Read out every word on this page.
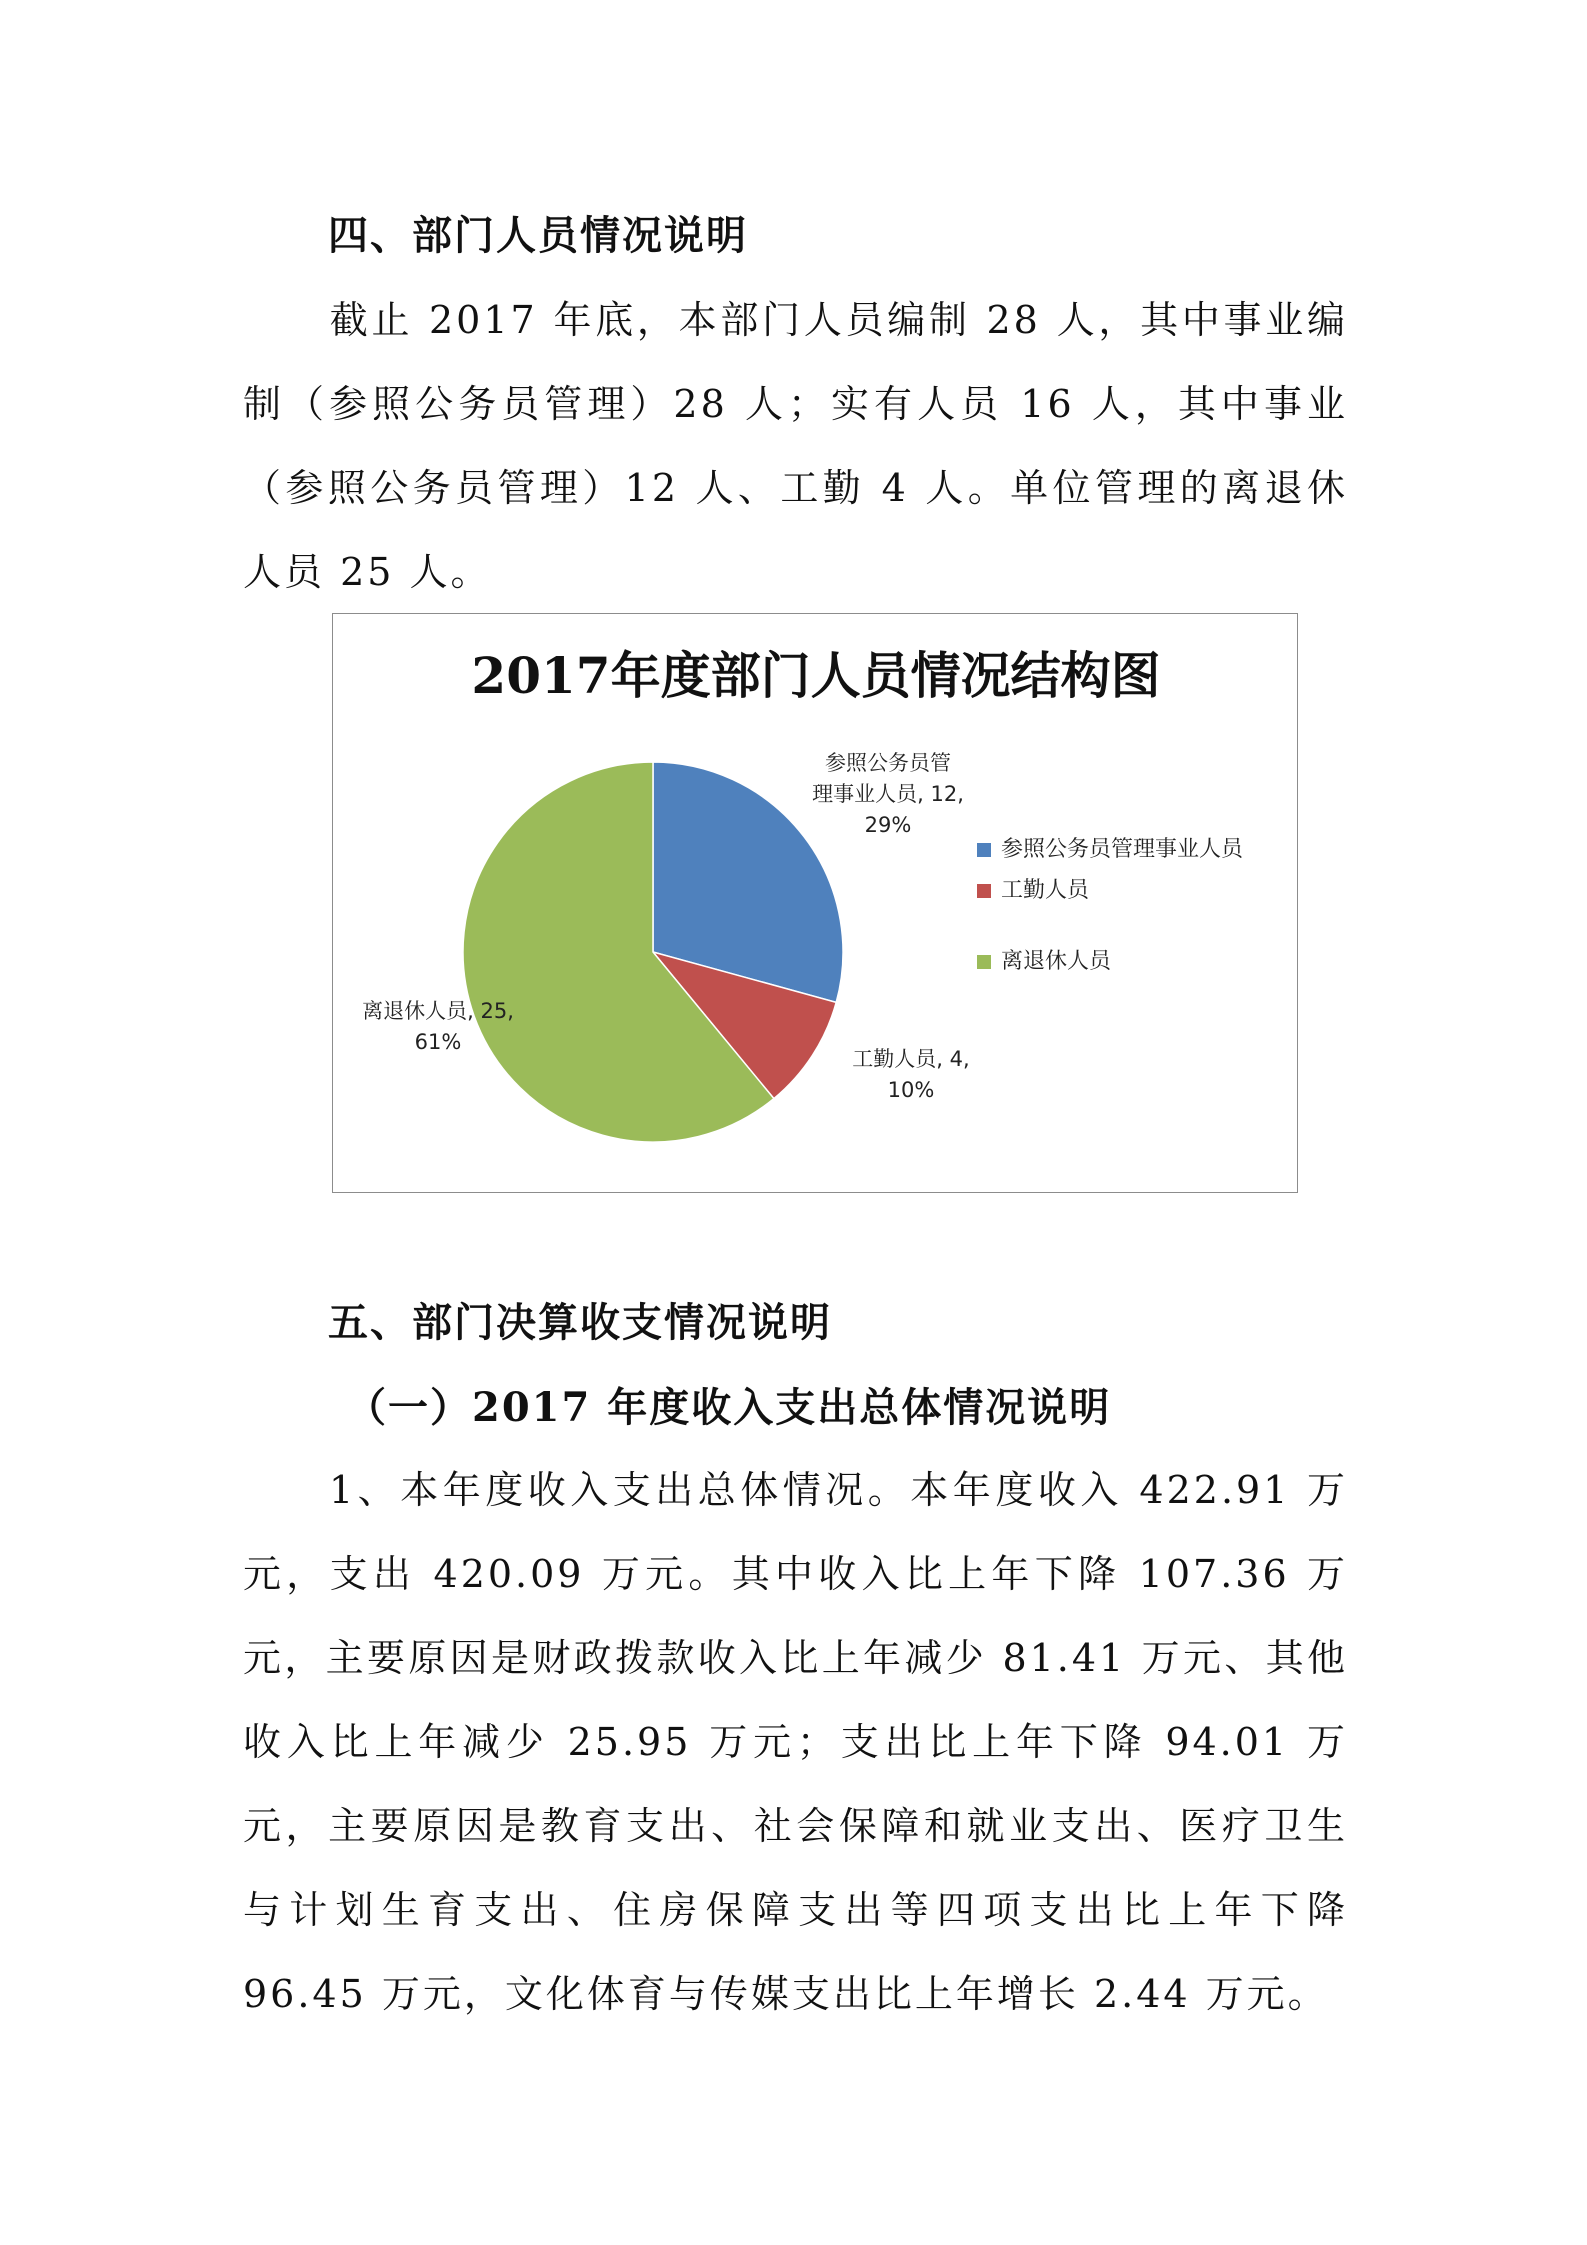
四、部门人员情况说明

截止 2017 年底，本部门人员编制 28 人，其中事业编制（参照公务员管理）28 人；实有人员 16 人，其中事业（参照公务员管理）12 人、工勤 4 人。单位管理的离退休人员 25 人。

2017年度部门人员情况结构图
参照公务员管
理事业人员, 12,
29%
工勤人员, 4,
10%
离退休人员, 25,
61%
参照公务员管理事业人员
工勤人员
离退休人员
五、部门决算收支情况说明
（一）2017 年度收入支出总体情况说明

1、本年度收入支出总体情况。本年度收入 422.91 万元，支出 420.09 万元。其中收入比上年下降 107.36 万元，主要原因是财政拨款收入比上年减少 81.41 万元、其他收入比上年减少 25.95 万元；支出比上年下降 94.01 万元，主要原因是教育支出、社会保障和就业支出、医疗卫生与计划生育支出、住房保障支出等四项支出比上年下降 96.45 万元，文化体育与传媒支出比上年增长 2.44 万元。
